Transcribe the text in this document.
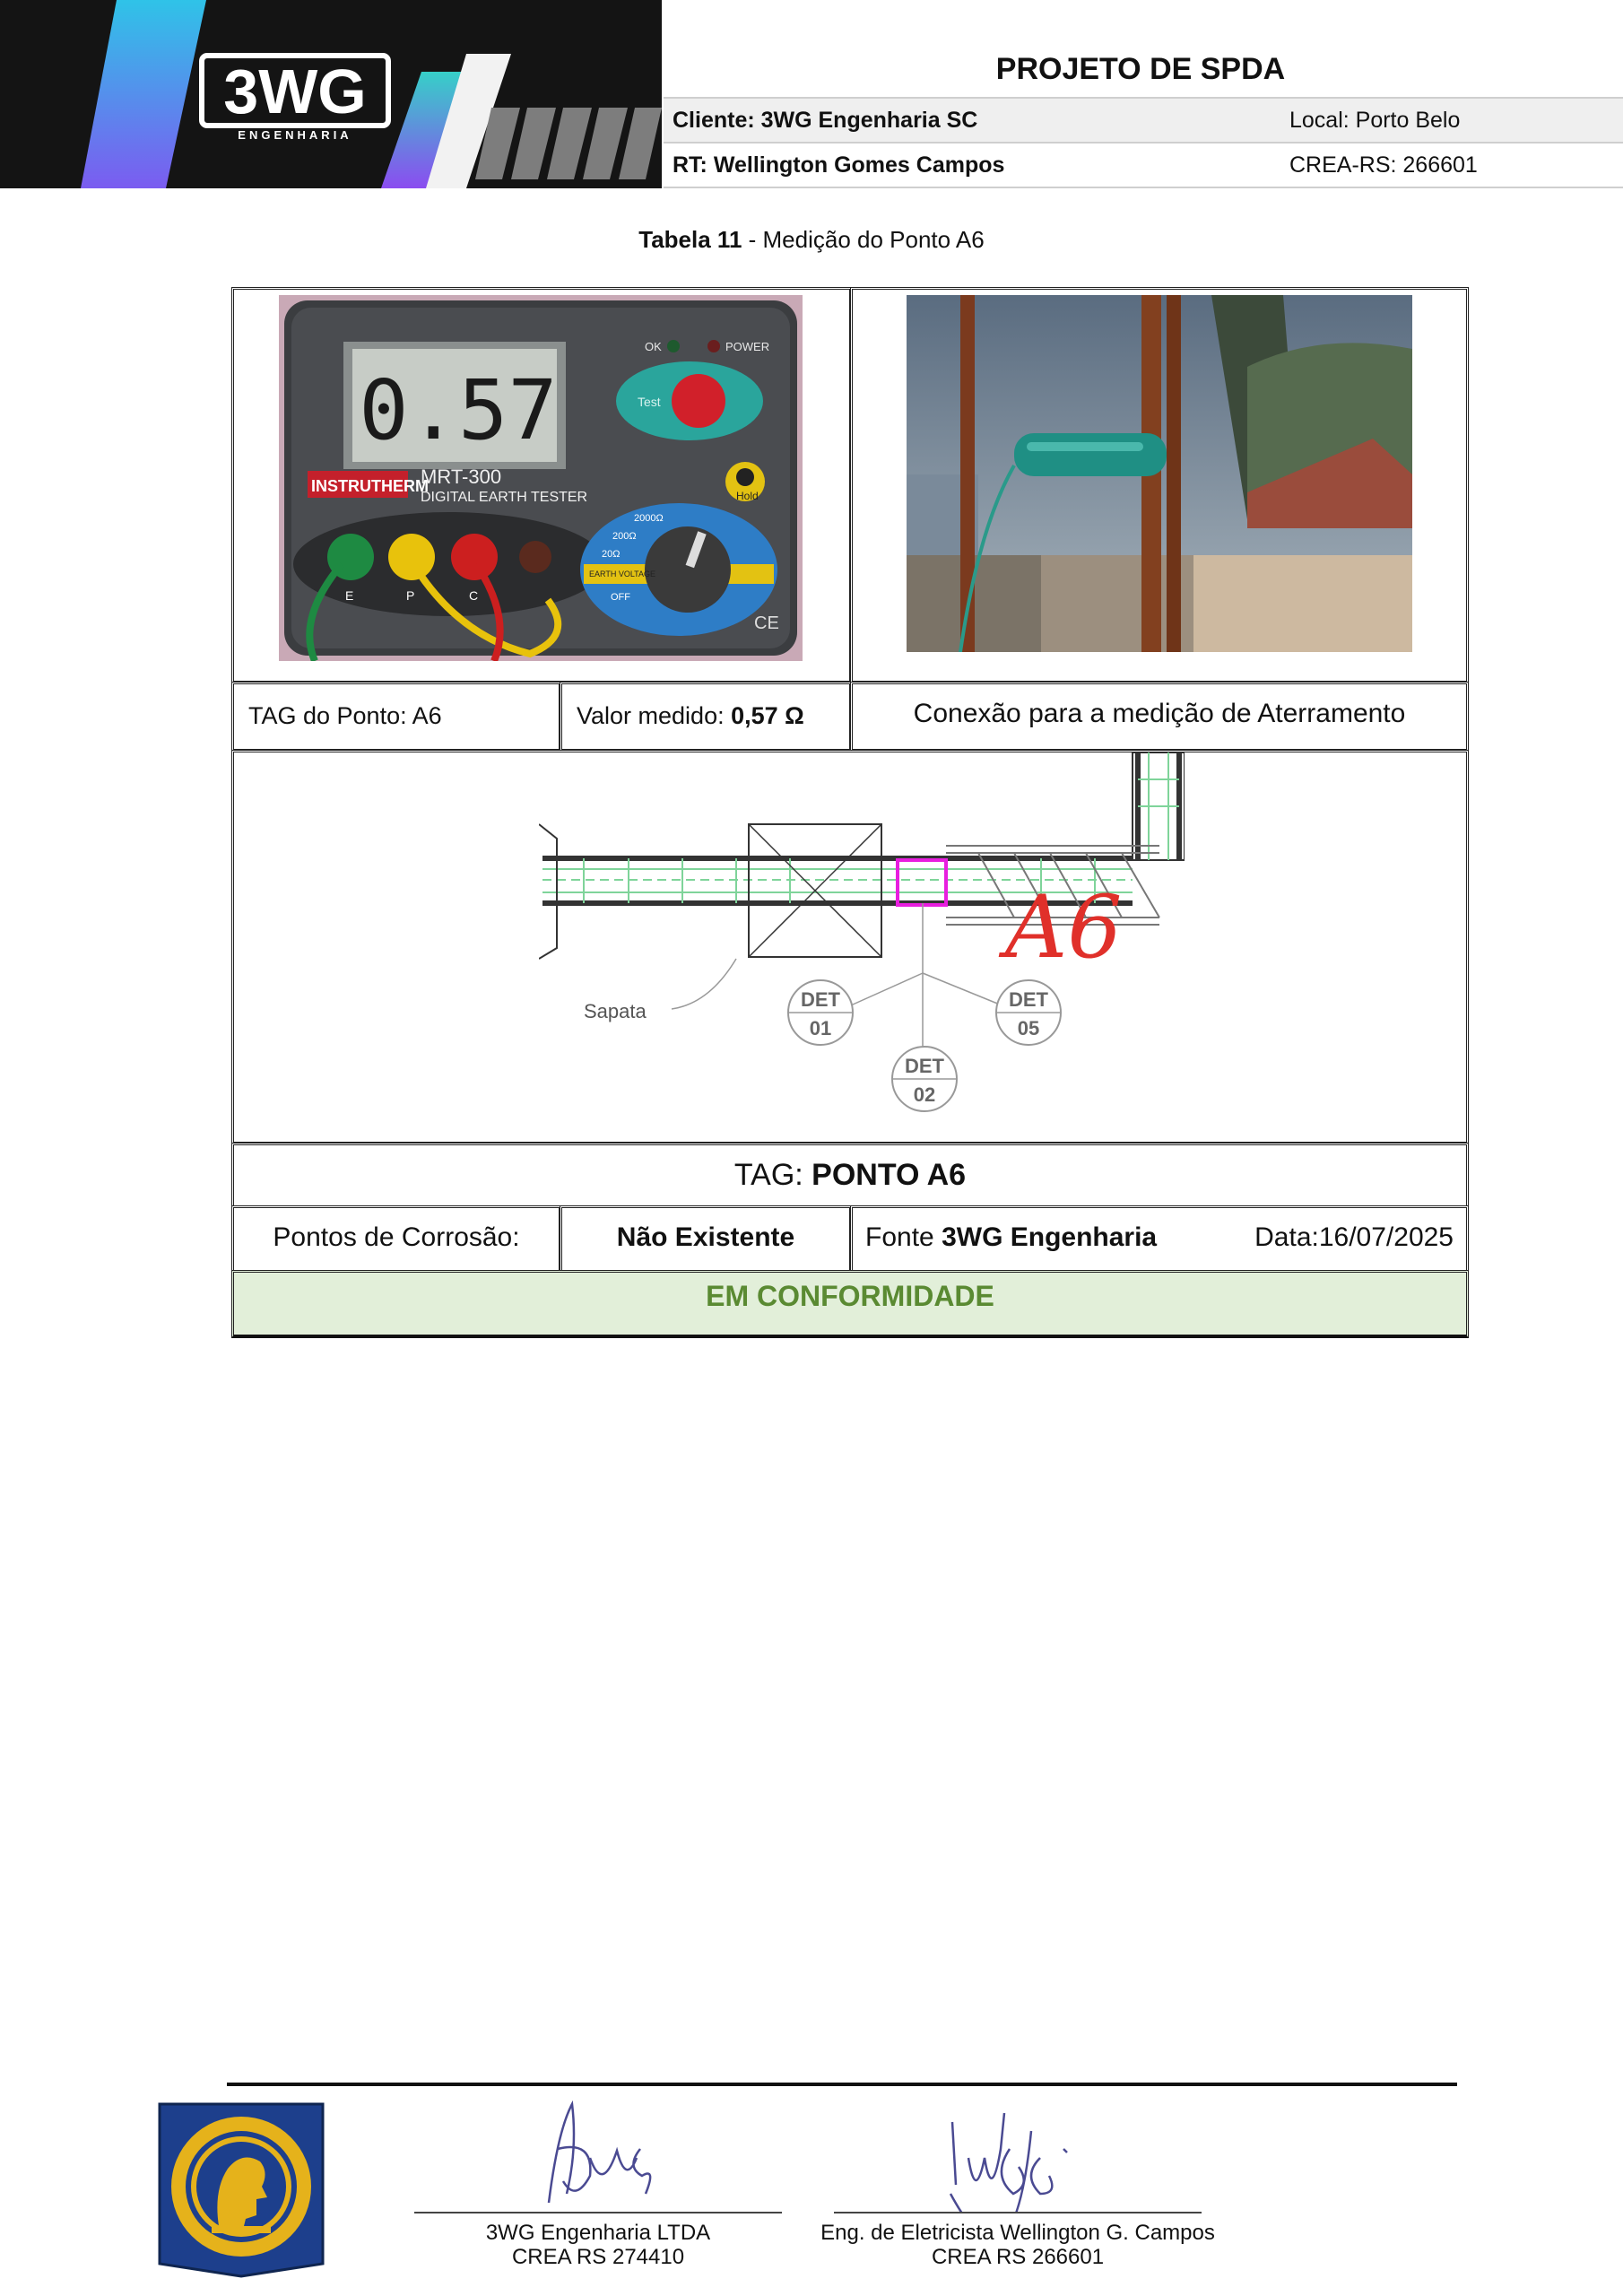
3WG
ENGENHARIA
PROJETO DE SPDA
Cliente: 3WG Engenharia SC	Local: Porto Belo
RT: Wellington Gomes Campos	CREA-RS: 266601
Tabela 11 - Medição do Ponto A6
0.57
OK	POWER
Test
Hold
INSTRUTHERM
MRT-300
DIGITAL EARTH TESTER
E	P	C
2000Ω
200Ω
20Ω
EARTH VOLTAGE
OFF
CE
TAG do Ponto: A6	Valor medido: 0,57 Ω	Conexão para a medição de Aterramento
A6
Sapata
DET
01
DET
02
DET
05
TAG: PONTO A6
Pontos de Corrosão:	Não Existente	Fonte 3WG Engenharia	Data:16/07/2025
EM CONFORMIDADE
3WG Engenharia LTDA
CREA RS 274410
Eng. de Eletricista Wellington G. Campos
CREA RS 266601
